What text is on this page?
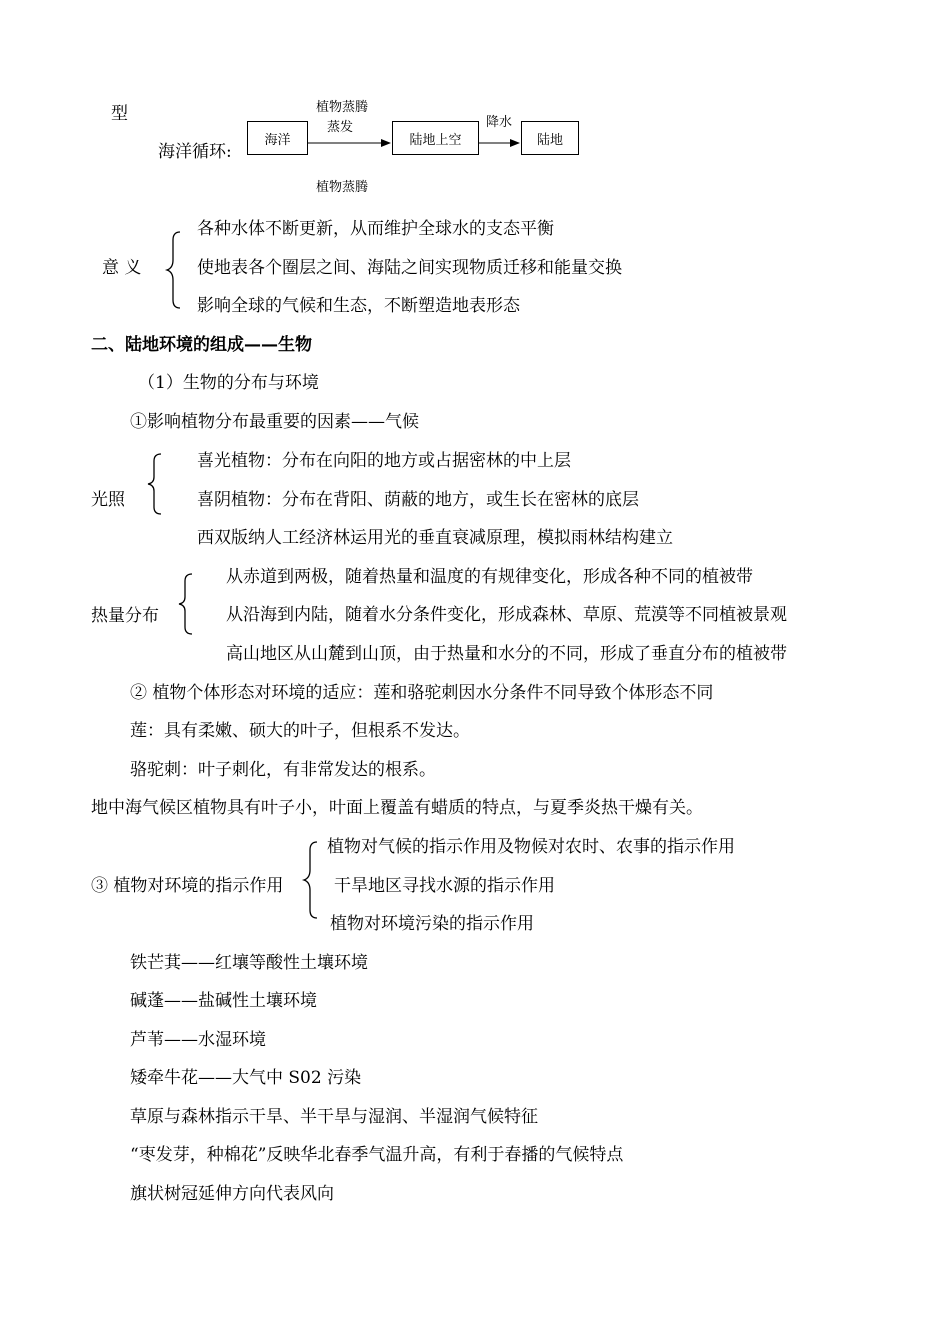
型
海洋循环:
海洋	陆地上空	陆地
植物蒸腾
蒸发	降水
植物蒸腾
意 义
各种水体不断更新，从而维护全球水的支态平衡
使地表各个圈层之间、海陆之间实现物质迁移和能量交换
影响全球的气候和生态，不断塑造地表形态
二、陆地环境的组成——生物
（1）生物的分布与环境
①影响植物分布最重要的因素——气候
光照
喜光植物：分布在向阳的地方或占据密林的中上层
喜阴植物：分布在背阳、荫蔽的地方，或生长在密林的底层
西双版纳人工经济林运用光的垂直衰减原理，模拟雨林结构建立
热量分布
从赤道到两极，随着热量和温度的有规律变化，形成各种不同的植被带
从沿海到内陆，随着水分条件变化，形成森林、草原、荒漠等不同植被景观
高山地区从山麓到山顶，由于热量和水分的不同，形成了垂直分布的植被带
② 植物个体形态对环境的适应：莲和骆驼刺因水分条件不同导致个体形态不同
莲：具有柔嫩、硕大的叶子，但根系不发达。
骆驼刺：叶子刺化，有非常发达的根系。
地中海气候区植物具有叶子小，叶面上覆盖有蜡质的特点，与夏季炎热干燥有关。
③ 植物对环境的指示作用
植物对气候的指示作用及物候对农时、农事的指示作用
干旱地区寻找水源的指示作用
植物对环境污染的指示作用
铁芒萁——红壤等酸性土壤环境
碱蓬——盐碱性土壤环境
芦苇——水湿环境
矮牵牛花——大气中 S02 污染
草原与森林指示干旱、半干旱与湿润、半湿润气候特征
“枣发芽，种棉花”反映华北春季气温升高，有利于春播的气候特点
旗状树冠延伸方向代表风向
